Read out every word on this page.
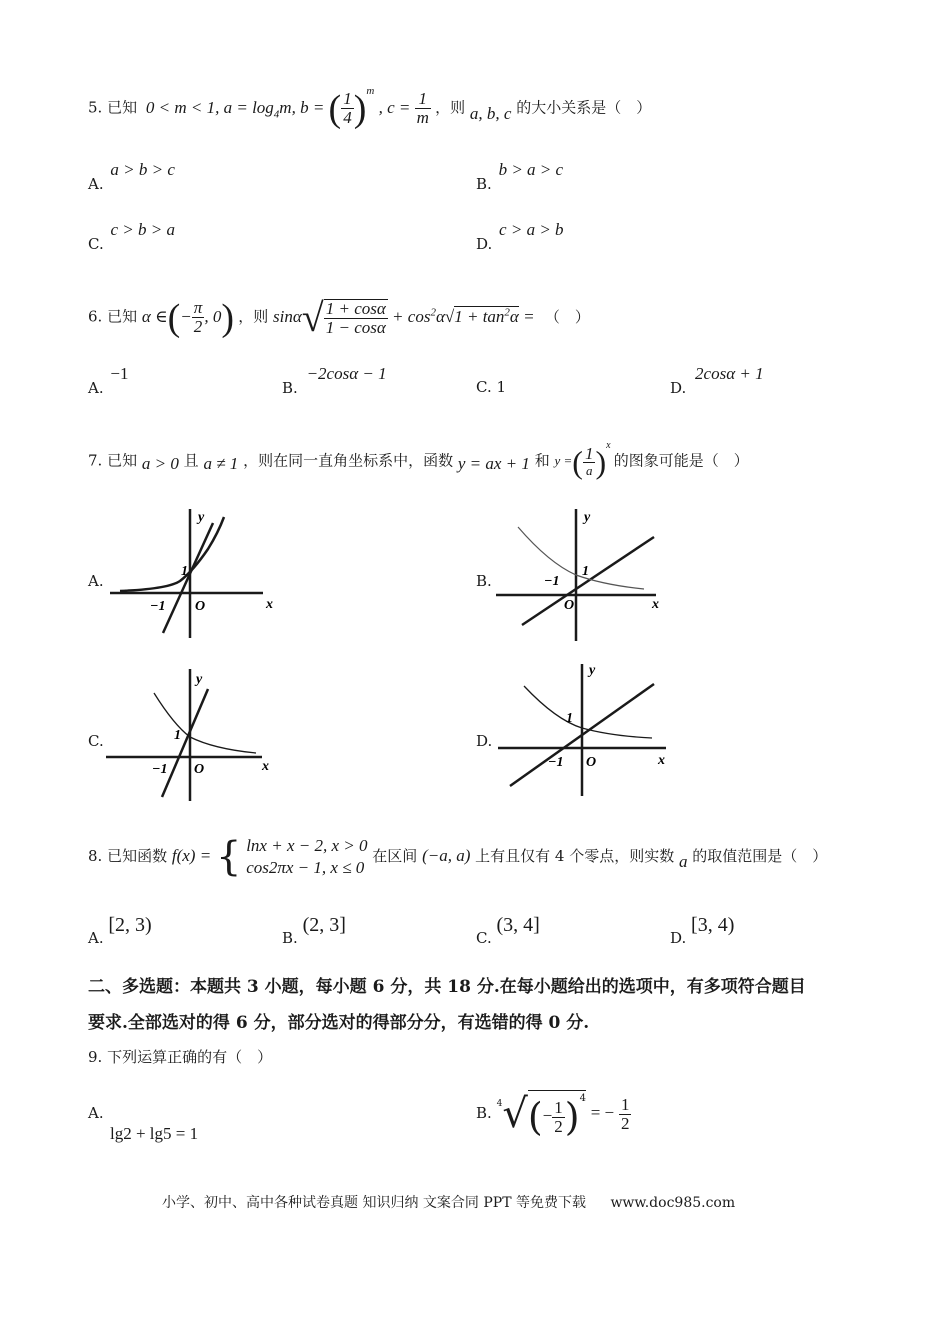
5. 已知 0 < m < 1, $a = \log_4m$, b = ( $\frac{1}{4} )^m$ , $c = \frac{1}{m}$ ，则 a, b, c 的大小关系是（　）
A. a > b > c
B. b > a > c
C. c > b > a
D. c > a > b
6. 已知 α ∈(− $\frac{\pi}{2}$ , 0) ，则 $\sin\alpha√ \frac{1 + \cos\alpha}{1 - \cos\alpha} + \cos^2\alpha√1 + \tan^2\alpha$ = （　）
A. −1
B. −2cosα − 1
C. 1	D. 2cosα + 1
7. 已知 a > 0 且 a ≠ 1 ，则在同一直角坐标系中，函数 y = ax + 1 和 y =( $\frac{1}{a} )^x$ 的图象可能是（　）
A.	B.
C.	D.
y
x
1
−1 O
y
x
1
−1
O
y
x
1
−1 O
y
x
1
−1 O
8. 已知函数 f(x) = { lnx + x − 2, x > 0
cos2πx − 1, x ≤ 0
在区间 (−a, a) 上有且仅有 4 个零点，则实数 a 的取值范围是（　）
A. [2, 3)
B. (2, 3]
C. (3, 4]
D. [3, 4)
二、多选题：本题共 3 小题，每小题 6 分，共 18 分.在每小题给出的选项中，有多项符合题目
要求.全部选对的得 6 分，部分选对的得部分分，有选错的得 0 分.
9. 下列运算正确的有（　）
A.
lg2 + lg5 = 1
B. $^4√(- \frac{1}{2} )^4$ = − $\frac{1}{2}$
小学、初中、高中各种试卷真题 知识归纳 文案合同 PPT 等免费下载 www.doc985.com
